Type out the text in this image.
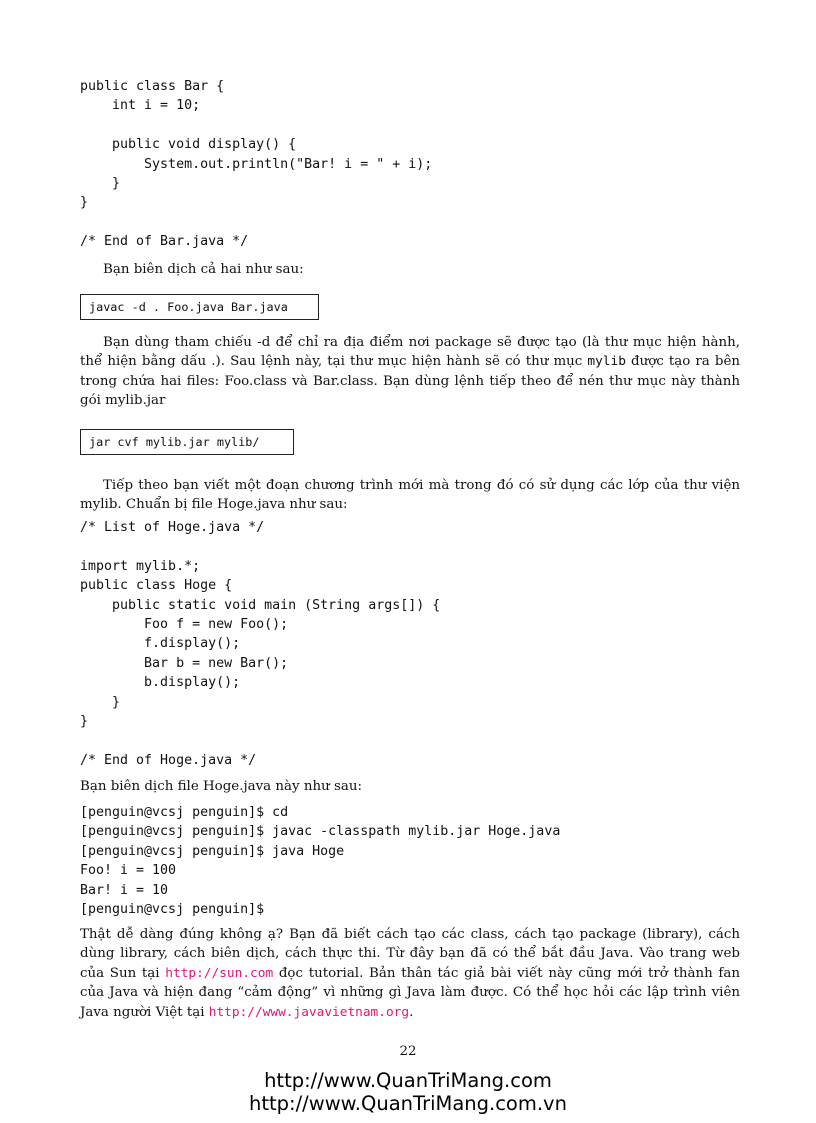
public class Bar {
int i = 10;

public void display() {
System.out.println("Bar! i = " + i);
}
}

/* End of Bar.java */
Bạn biên dịch cả hai như sau:
javac -d . Foo.java Bar.java
Bạn dùng tham chiếu -d để chỉ ra địa điểm nơi package sẽ được tạo (là thư mục hiện hành, thể hiện bằng dấu .). Sau lệnh này, tại thư mục hiện hành sẽ có thư mục mylib được tạo ra bên trong chứa hai files: Foo.class và Bar.class. Bạn dùng lệnh tiếp theo để nén thư mục này thành gói mylib.jar
jar cvf mylib.jar mylib/
Tiếp theo bạn viết một đoạn chương trình mới mà trong đó có sử dụng các lớp của thư viện mylib. Chuẩn bị file Hoge.java như sau:
/* List of Hoge.java */

import mylib.*;
public class Hoge {
public static void main (String args[]) {
Foo f = new Foo();
f.display();
Bar b = new Bar();
b.display();
}
}

/* End of Hoge.java */
Bạn biên dịch file Hoge.java này như sau:
[penguin@vcsj penguin]$ cd
[penguin@vcsj penguin]$ javac -classpath mylib.jar Hoge.java
[penguin@vcsj penguin]$ java Hoge
Foo! i = 100
Bar! i = 10
[penguin@vcsj penguin]$
Thật dễ dàng đúng không ạ? Bạn đã biết cách tạo các class, cách tạo package (library), cách dùng library, cách biên dịch, cách thực thi. Từ đây bạn đã có thể bắt đầu Java. Vào trang web của Sun tại http://sun.com đọc tutorial. Bản thân tác giả bài viết này cũng mới trở thành fan của Java và hiện đang “cảm động” vì những gì Java làm được. Có thể học hỏi các lập trình viên Java người Việt tại http://www.javavietnam.org.
22
http://www.QuanTriMang.com
http://www.QuanTriMang.com.vn
